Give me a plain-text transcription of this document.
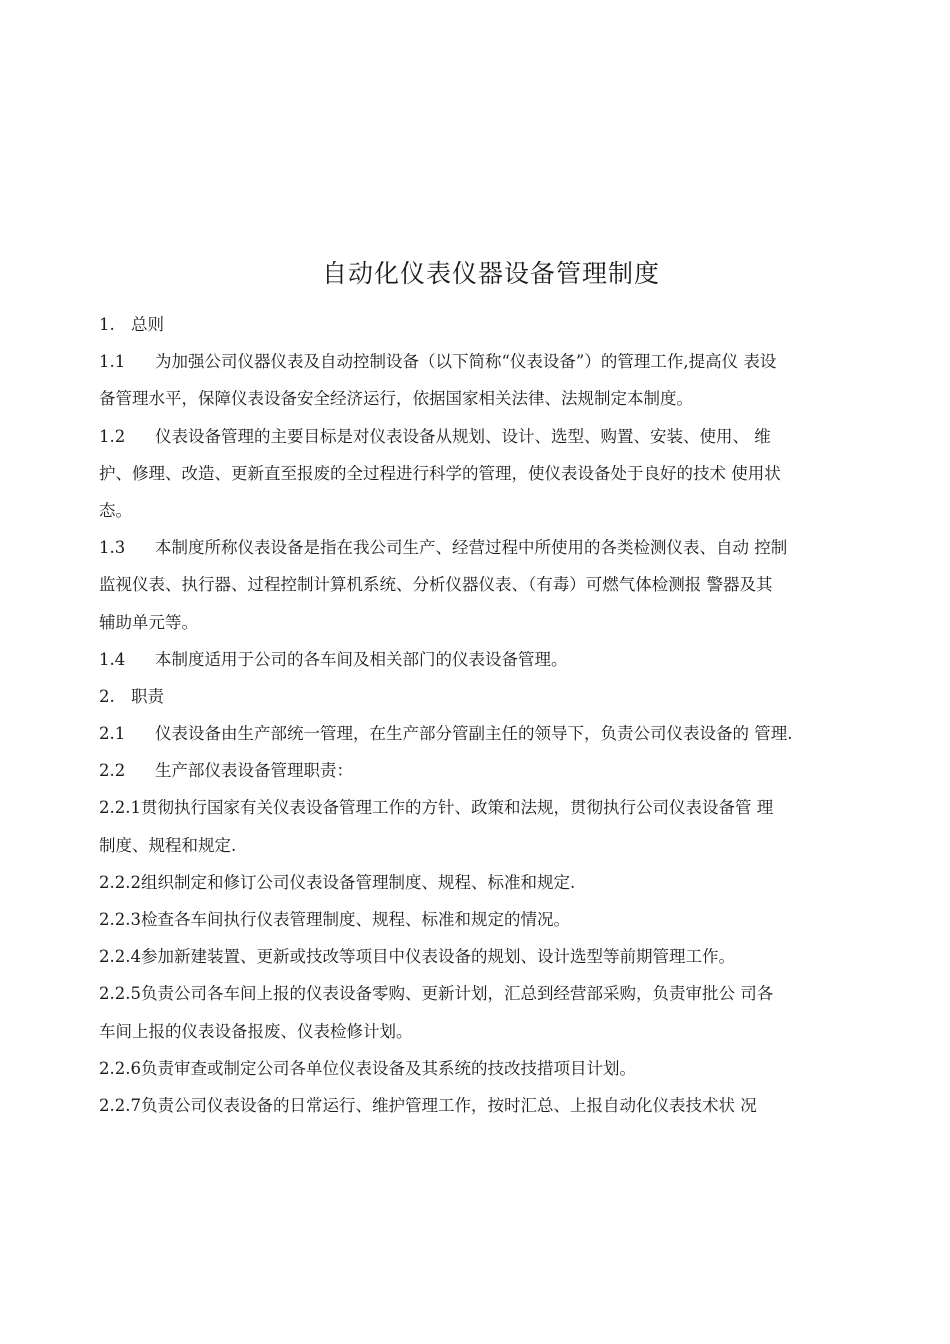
自动化仪表仪器设备管理制度
1. 总则
1.1 为加强公司仪器仪表及自动控制设备（以下简称“仪表设备”）的管理工作,提高仪 表设
备管理水平，保障仪表设备安全经济运行，依据国家相关法律、法规制定本制度。
1.2 仪表设备管理的主要目标是对仪表设备从规划、设计、选型、购置、安装、使用、 维
护、修理、改造、更新直至报废的全过程进行科学的管理，使仪表设备处于良好的技术 使用状
态。
1.3 本制度所称仪表设备是指在我公司生产、经营过程中所使用的各类检测仪表、自动 控制
监视仪表、执行器、过程控制计算机系统、分析仪器仪表、（有毒）可燃气体检测报 警器及其
辅助单元等。
1.4 本制度适用于公司的各车间及相关部门的仪表设备管理。
2. 职责
2.1 仪表设备由生产部统一管理，在生产部分管副主任的领导下，负责公司仪表设备的 管理.
2.2 生产部仪表设备管理职责：
2.2.1贯彻执行国家有关仪表设备管理工作的方针、政策和法规，贯彻执行公司仪表设备管 理
制度、规程和规定.
2.2.2组织制定和修订公司仪表设备管理制度、规程、标准和规定.
2.2.3检查各车间执行仪表管理制度、规程、标准和规定的情况。
2.2.4参加新建装置、更新或技改等项目中仪表设备的规划、设计选型等前期管理工作。
2.2.5负责公司各车间上报的仪表设备零购、更新计划，汇总到经营部采购，负责审批公 司各
车间上报的仪表设备报废、仪表检修计划。
2.2.6负责审查或制定公司各单位仪表设备及其系统的技改技措项目计划。
2.2.7负责公司仪表设备的日常运行、维护管理工作，按时汇总、上报自动化仪表技术状 况
